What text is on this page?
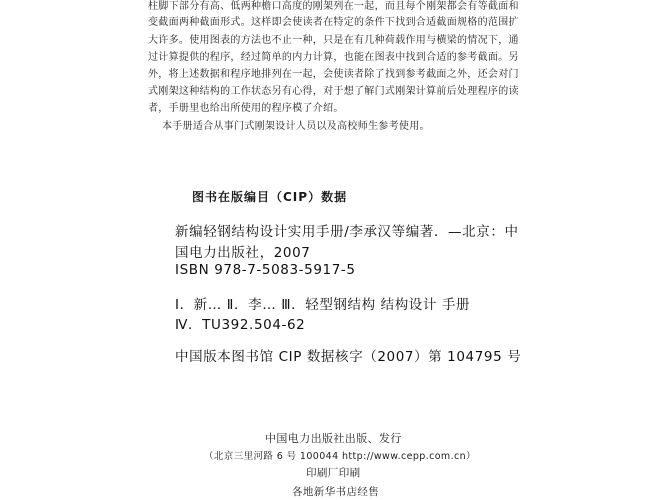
柱脚下部分有高、低两种檐口高度的刚架列在一起，而且每个刚架都会有等截面和
变截面两种截面形式。这样即会使读者在特定的条件下找到合适截面规格的范围扩
大许多。使用图表的方法也不止一种，只是在有几种荷载作用与横梁的情况下，通
过计算提供的程序，经过简单的内力计算，也能在图表中找到合适的参考截面。另
外，将上述数据和程序地排列在一起，会使读者除了找到参考截面之外，还会对门
式刚架这种结构的工作状态另有心得，对于想了解门式刚架计算前后处理程序的读
者，手册里也给出所使用的程序模了介绍。
本手册适合从事门式刚架设计人员以及高校师生参考使用。
图书在版编目（CIP）数据
新编轻钢结构设计实用手册/李承汉等编著．—北京：中
国电力出版社，2007
ISBN 978-7-5083-5917-5
Ⅰ．新… Ⅱ．李… Ⅲ．轻型钢结构 结构设计 手册
Ⅳ．TU392.504-62
中国版本图书馆 CIP 数据核字（2007）第 104795 号
中国电力出版社出版、发行
（北京三里河路 6 号 100044 http://www.cepp.com.cn）
印刷厂印刷
各地新华书店经售
